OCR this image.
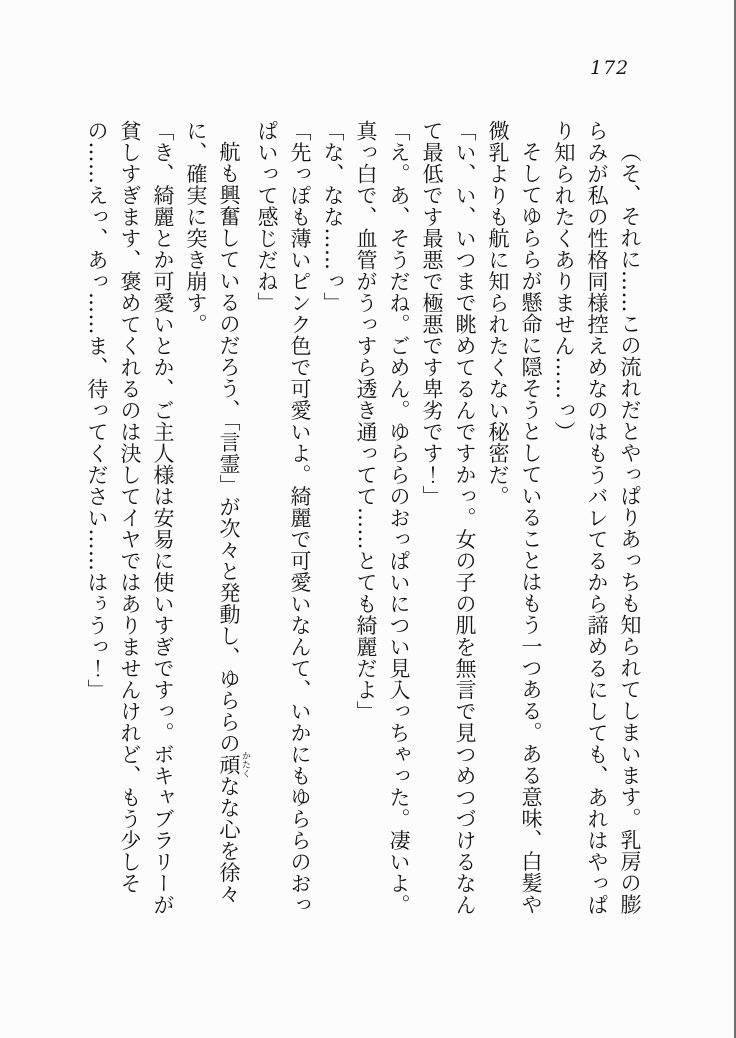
172

（そ、それに……この流れだとやっぱりあっちも知られてしまいます。乳房の膨らみが私の性格同様控えめなのはもうバレてるから諦めるにしても、あれはやっぱり知られたくありません……っ）

そしてゆららが懸命に隠そうとしていることはもう一つある。ある意味、白髪や微乳よりも航に知られたくない秘密だ。

「い、い、いつまで眺めてるんですかっ。女の子の肌を無言で見つめつづけるなんて最低です最悪で極悪です卑劣です！」

「え。あ、そうだね。ごめん。ゆららのおっぱいについ見入っちゃった。凄いよ。真っ白で、血管がうっすら透き通ってて……とても綺麗だよ」

「な、なな……っ」

「先っぽも薄いピンク色で可愛いよ。綺麗で可愛いなんて、いかにもゆららのおっぱいって感じだね」

航も興奮しているのだろう、「言霊」が次々と発動し、ゆららの頑 かたくなな心を徐々に、確実に突き崩す。

「き、綺麗とか可愛いとか、ご主人様は安易に使いすぎですっ。ボキャブラリーが貧しすぎます、褒めてくれるのは決してイヤではありませんけれど、もう少しその……えっ、あっ……ま、待ってください……はぅうっ！」
